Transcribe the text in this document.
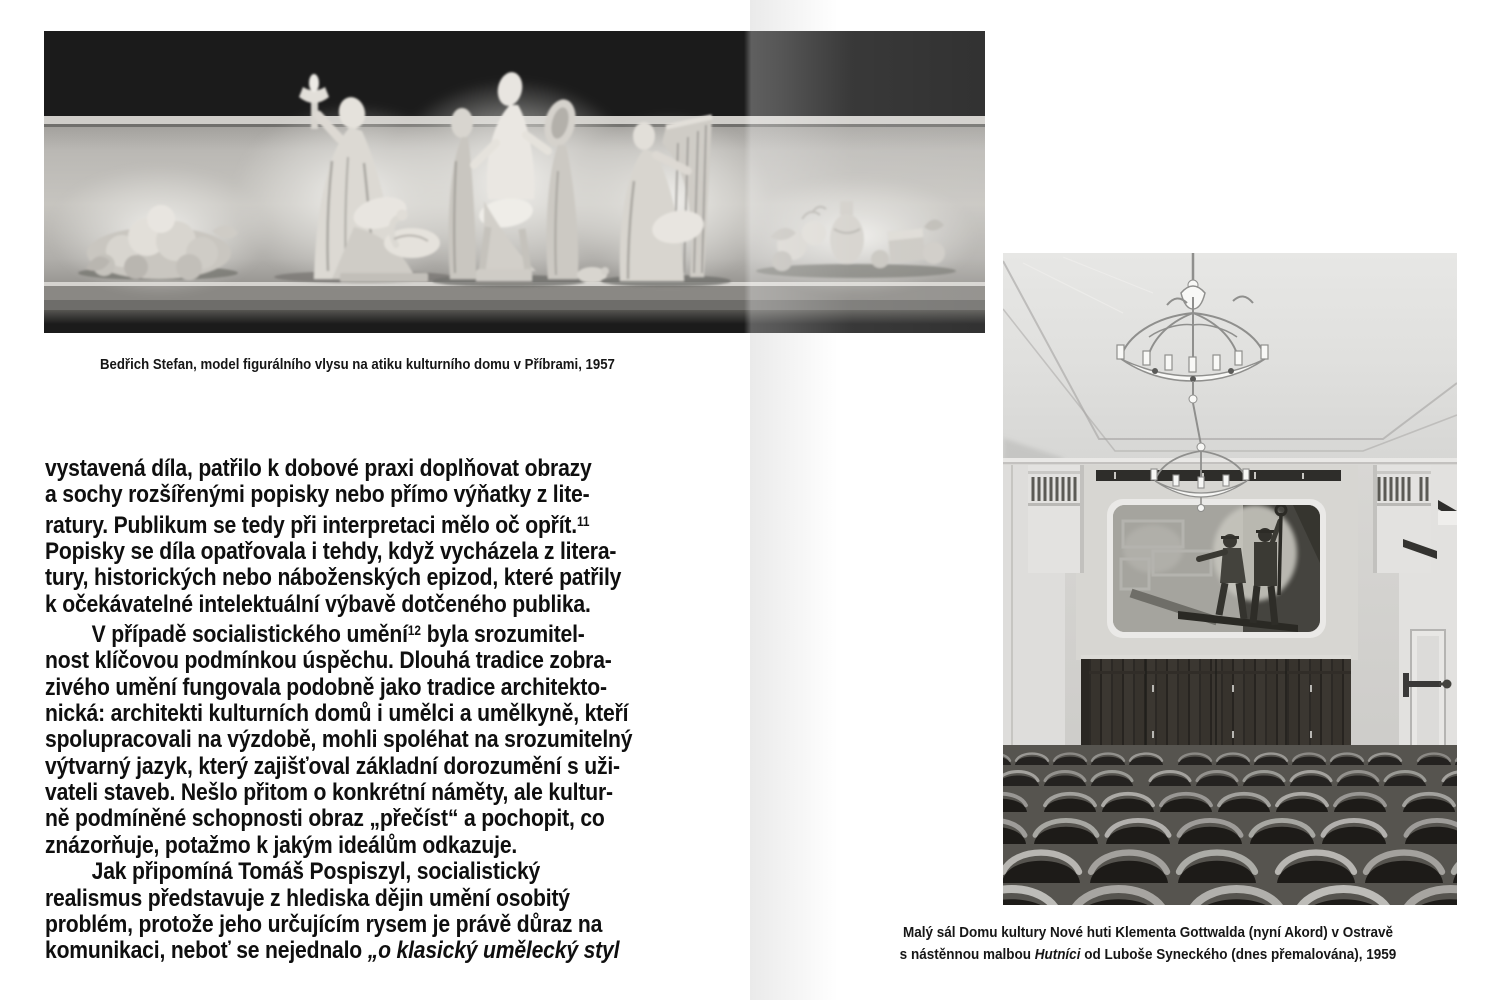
Bedřich Stefan, model figurálního vlysu na atiku kulturního domu v Příbrami, 1957
vystavená díla, patřilo k dobové praxi doplňovat obrazy
a sochy rozšířenými popisky nebo přímo výňatky z lite-
ratury. Publikum se tedy při interpretaci mělo oč opřít.$^{11}$
Popisky se díla opatřovala i tehdy, když vycházela z litera-
tury, historických nebo náboženských epizod, které patřily
k očekávatelné intelektuální výbavě dotčeného publika.
V případě socialistického umění$^{12}$ byla srozumitel-
nost klíčovou podmínkou úspěchu. Dlouhá tradice zobra-
zivého umění fungovala podobně jako tradice architekto-
nická: architekti kulturních domů i umělci a umělkyně, kteří
spolupracovali na výzdobě, mohli spoléhat na srozumitelný
výtvarný jazyk, který zajišťoval základní dorozumění s uži-
vateli staveb. Nešlo přitom o konkrétní náměty, ale kultur-
ně podmíněné schopnosti obraz „přečíst“ a pochopit, co
znázorňuje, potažmo k jakým ideálům odkazuje.
Jak připomíná Tomáš Pospiszyl, socialistický
realismus představuje z hlediska dějin umění osobitý
problém, protože jeho určujícím rysem je právě důraz na
komunikaci, neboť se nejednalo „o klasický umělecký styl
Malý sál Domu kultury Nové huti Klementa Gottwalda (nyní Akord) v Ostravě
s nástěnnou malbou Hutníci od Luboše Syneckého (dnes přemalována), 1959
